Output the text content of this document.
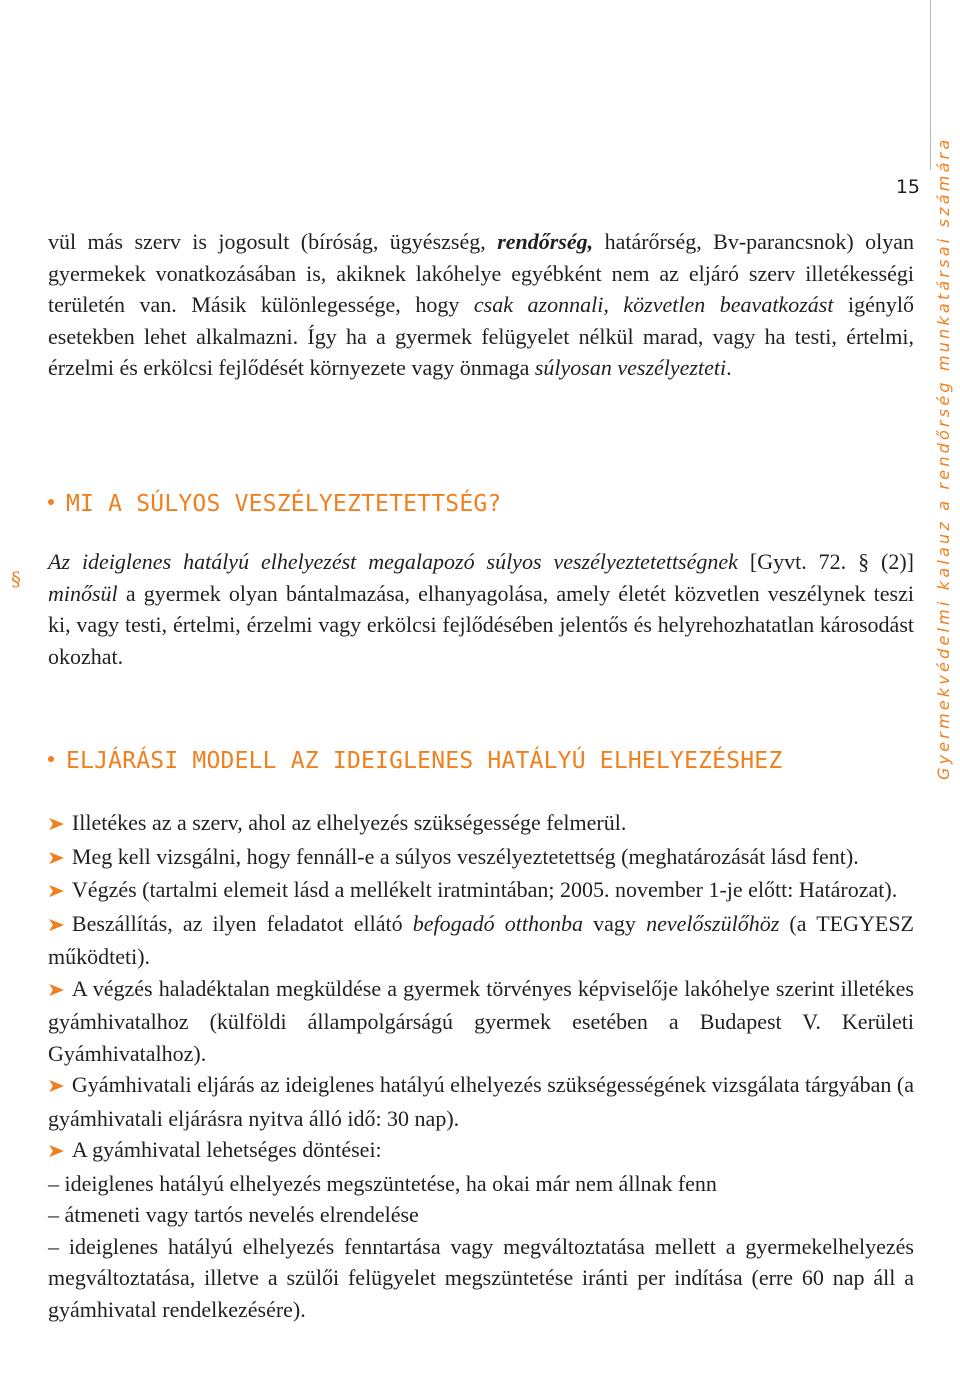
15 Gyermekvédelmi kalauz a rendőrség munkatársai számára
vül más szerv is jogosult (bíróság, ügyészség, rendőrség, határőrség, Bv-parancsnok) olyan gyermekek vonatkozásában is, akiknek lakóhelye egyébként nem az eljáró szerv illetékességi területén van. Másik különlegessége, hogy csak azonnali, közvetlen beavatkozást igénylő esetekben lehet alkalmazni. Így ha a gyermek felügyelet nélkül marad, vagy ha testi, értelmi, érzelmi és erkölcsi fejlődését környezete vagy önmaga súlyosan veszélyezteti.
MI A SÚLYOS VESZÉLYEZTETETTSÉG?
§
Az ideiglenes hatályú elhelyezést megalapozó súlyos veszélyeztetettségnek [Gyvt. 72. § (2)] minősül a gyermek olyan bántalmazása, elhanyagolása, amely életét közvetlen veszélynek teszi ki, vagy testi, értelmi, érzelmi vagy erkölcsi fejlődésében jelentős és helyrehozhatatlan károsodást okozhat.
ELJÁRÁSI MODELL AZ IDEIGLENES HATÁLYÚ ELHELYEZÉSHEZ
➤ Illetékes az a szerv, ahol az elhelyezés szükségessége felmerül.
➤ Meg kell vizsgálni, hogy fennáll-e a súlyos veszélyeztetettség (meghatározását lásd fent).
➤ Végzés (tartalmi elemeit lásd a mellékelt iratmintában; 2005. november 1-je előtt: Határozat).
➤ Beszállítás, az ilyen feladatot ellátó befogadó otthonba vagy nevelőszülőhöz (a TEGYESZ működteti).
➤ A végzés haladéktalan megküldése a gyermek törvényes képviselője lakóhelye szerint illetékes gyámhivatalhoz (külföldi állampolgárságú gyermek esetében a Budapest V. Kerületi Gyámhivatalhoz).
➤ Gyámhivatali eljárás az ideiglenes hatályú elhelyezés szükségességének vizsgálata tárgyában (a gyámhivatali eljárásra nyitva álló idő: 30 nap).
➤ A gyámhivatal lehetséges döntései:
– ideiglenes hatályú elhelyezés megszüntetése, ha okai már nem állnak fenn
– átmeneti vagy tartós nevelés elrendelése
– ideiglenes hatályú elhelyezés fenntartása vagy megváltoztatása mellett a gyermekelhelyezés megváltoztatása, illetve a szülői felügyelet megszüntetése iránti per indítása (erre 60 nap áll a gyámhivatal rendelkezésére).
